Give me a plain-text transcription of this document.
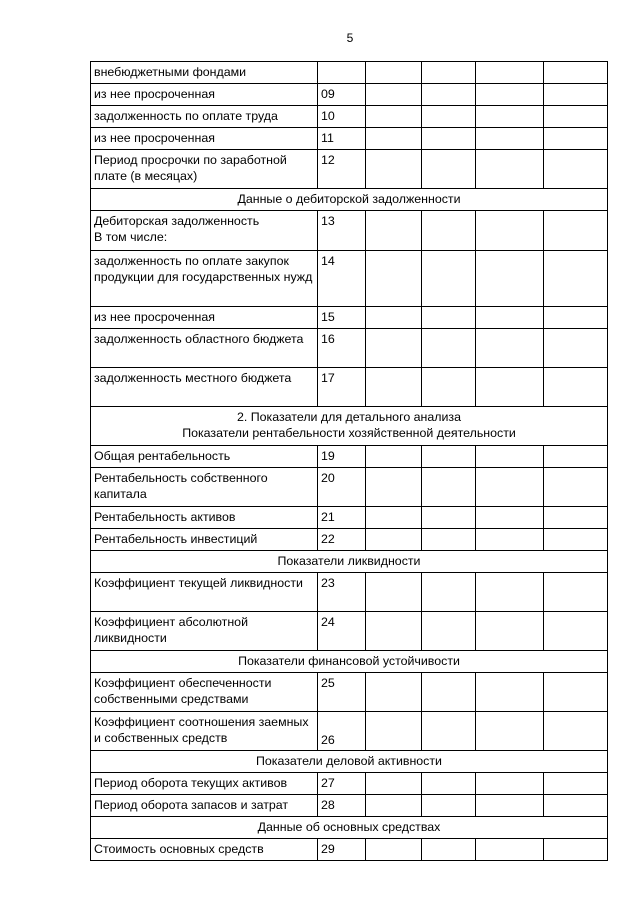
5
внебюджетными фондами					
из нее просроченная	09				
задолженность по оплате труда	10				
из нее просроченная	11				
Период просрочки по заработной плате (в месяцах)	12				

Данные о дебиторской задолженности					

Дебиторская задолженность
В том числе:	13				
задолженность по оплате закупок продукции для государственных нужд	14				
из нее просроченная	15				
задолженность областного бюджета	16				
задолженность местного бюджета	17				

2. Показатели для детального анализа
Показатели рентабельности хозяйственной деятельности					

Общая рентабельность	19				
Рентабельность собственного капитала	20				
Рентабельность активов	21				
Рентабельность инвестиций	22				

Показатели ликвидности					

Коэффициент текущей ликвидности	23				
Коэффициент абсолютной ликвидности	24				

Показатели финансовой устойчивости					

Коэффициент обеспеченности собственными средствами	25				
Коэффициент соотношения заемных и собственных средств	26				

Показатели деловой активности					

Период оборота текущих активов	27				
Период оборота запасов и затрат	28				

Данные об основных средствах					

Стоимость основных средств	29				
